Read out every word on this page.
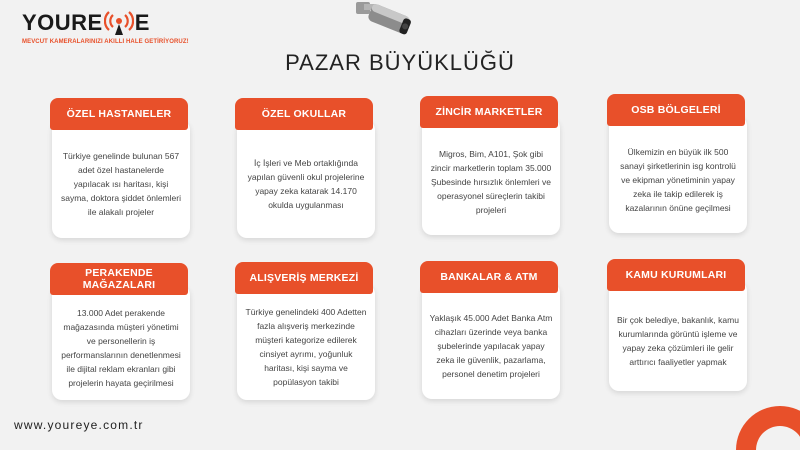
YOURE E
MEVCUT KAMERALARINIZI AKILLI HALE GETİRİYORUZ!
PAZAR BÜYÜKLÜĞÜ
ÖZEL HASTANELER
Türkiye genelinde bulunan 567 adet özel hastanelerde yapılacak ısı haritası, kişi sayma, doktora şiddet önlemleri ile alakalı projeler
ÖZEL OKULLAR
İç İşleri ve Meb ortaklığında yapılan güvenli okul projelerine yapay zeka katarak 14.170 okulda uygulanması
ZİNCİR MARKETLER
Migros, Bim, A101, Şok gibi zincir marketlerin toplam 35.000 Şubesinde hırsızlık önlemleri ve operasyonel süreçlerin takibi projeleri
OSB BÖLGELERİ
Ülkemizin en büyük ilk 500 sanayi şirketlerinin isg kontrolü ve ekipman yönetiminin yapay zeka ile takip edilerek iş kazalarının önüne geçilmesi
PERAKENDE MAĞAZALARI
13.000 Adet perakende mağazasında müşteri yönetimi ve personellerin iş performanslarının denetlenmesi ile dijital reklam ekranları gibi projelerin hayata geçirilmesi
ALIŞVERİŞ MERKEZİ
Türkiye genelindeki 400 Adetten fazla alışveriş merkezinde müşteri kategorize edilerek cinsiyet ayrımı, yoğunluk haritası, kişi sayma ve popülasyon takibi
BANKALAR & ATM
Yaklaşık 45.000 Adet Banka Atm cihazları üzerinde veya banka şubelerinde yapılacak yapay zeka ile güvenlik, pazarlama, personel denetim projeleri
KAMU KURUMLARI
Bir çok belediye, bakanlık, kamu kurumlarında görüntü işleme ve yapay zeka çözümleri ile gelir arttırıcı faaliyetler yapmak
www.youreye.com.tr
